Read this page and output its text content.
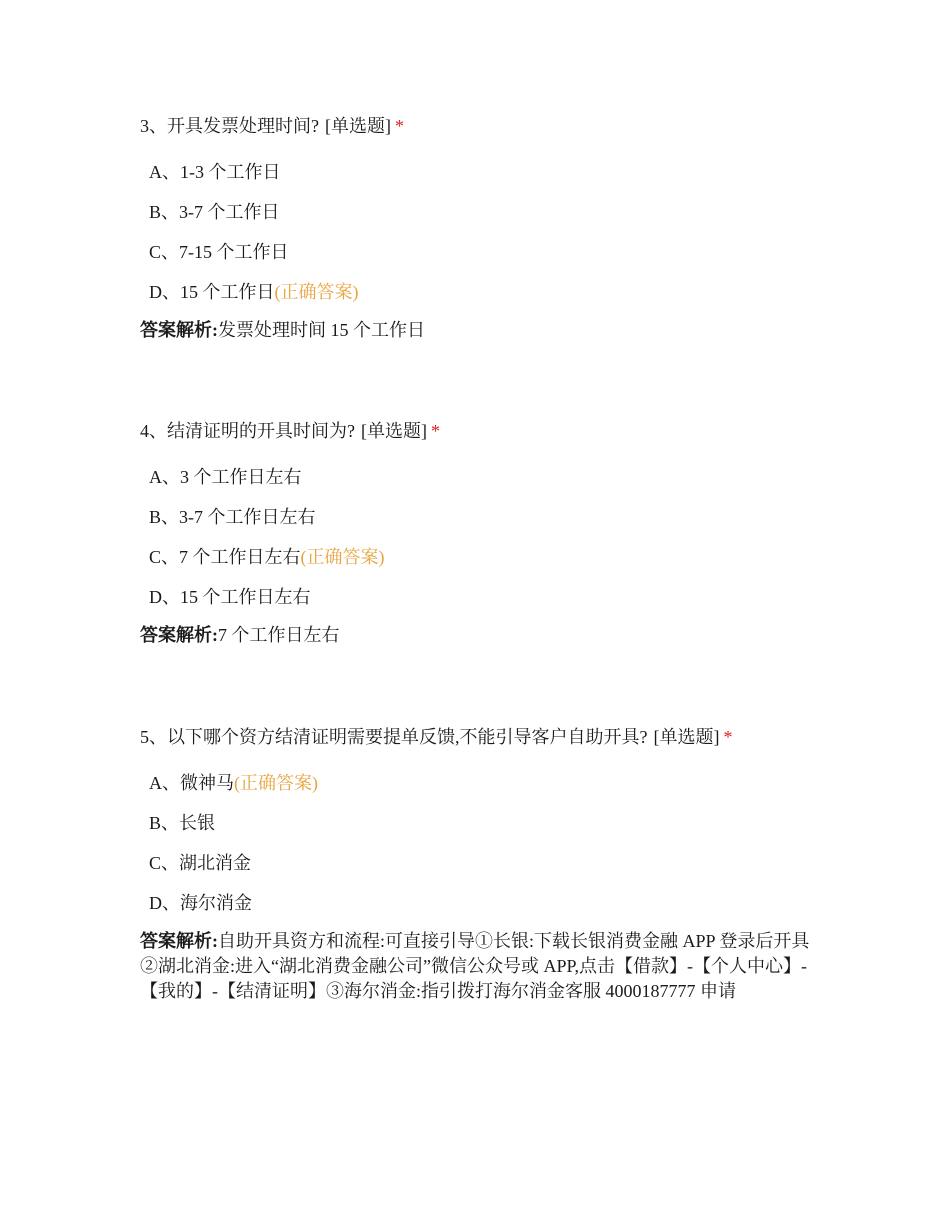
3、开具发票处理时间? [单选题] *
A、1-3 个工作日
B、3-7 个工作日
C、7-15 个工作日
D、15 个工作日(正确答案)
答案解析:发票处理时间 15 个工作日
4、结清证明的开具时间为? [单选题] *
A、3 个工作日左右
B、3-7 个工作日左右
C、7 个工作日左右(正确答案)
D、15 个工作日左右
答案解析:7 个工作日左右
5、以下哪个资方结清证明需要提单反馈,不能引导客户自助开具? [单选题] *
A、微神马(正确答案)
B、长银
C、湖北消金
D、海尔消金
答案解析:自助开具资方和流程:可直接引导①长银:下载长银消费金融 APP 登录后开具②湖北消金:进入“湖北消费金融公司”微信公众号或 APP,点击【借款】-【个人中心】-【我的】-【结清证明】③海尔消金:指引拨打海尔消金客服 4000187777 申请
